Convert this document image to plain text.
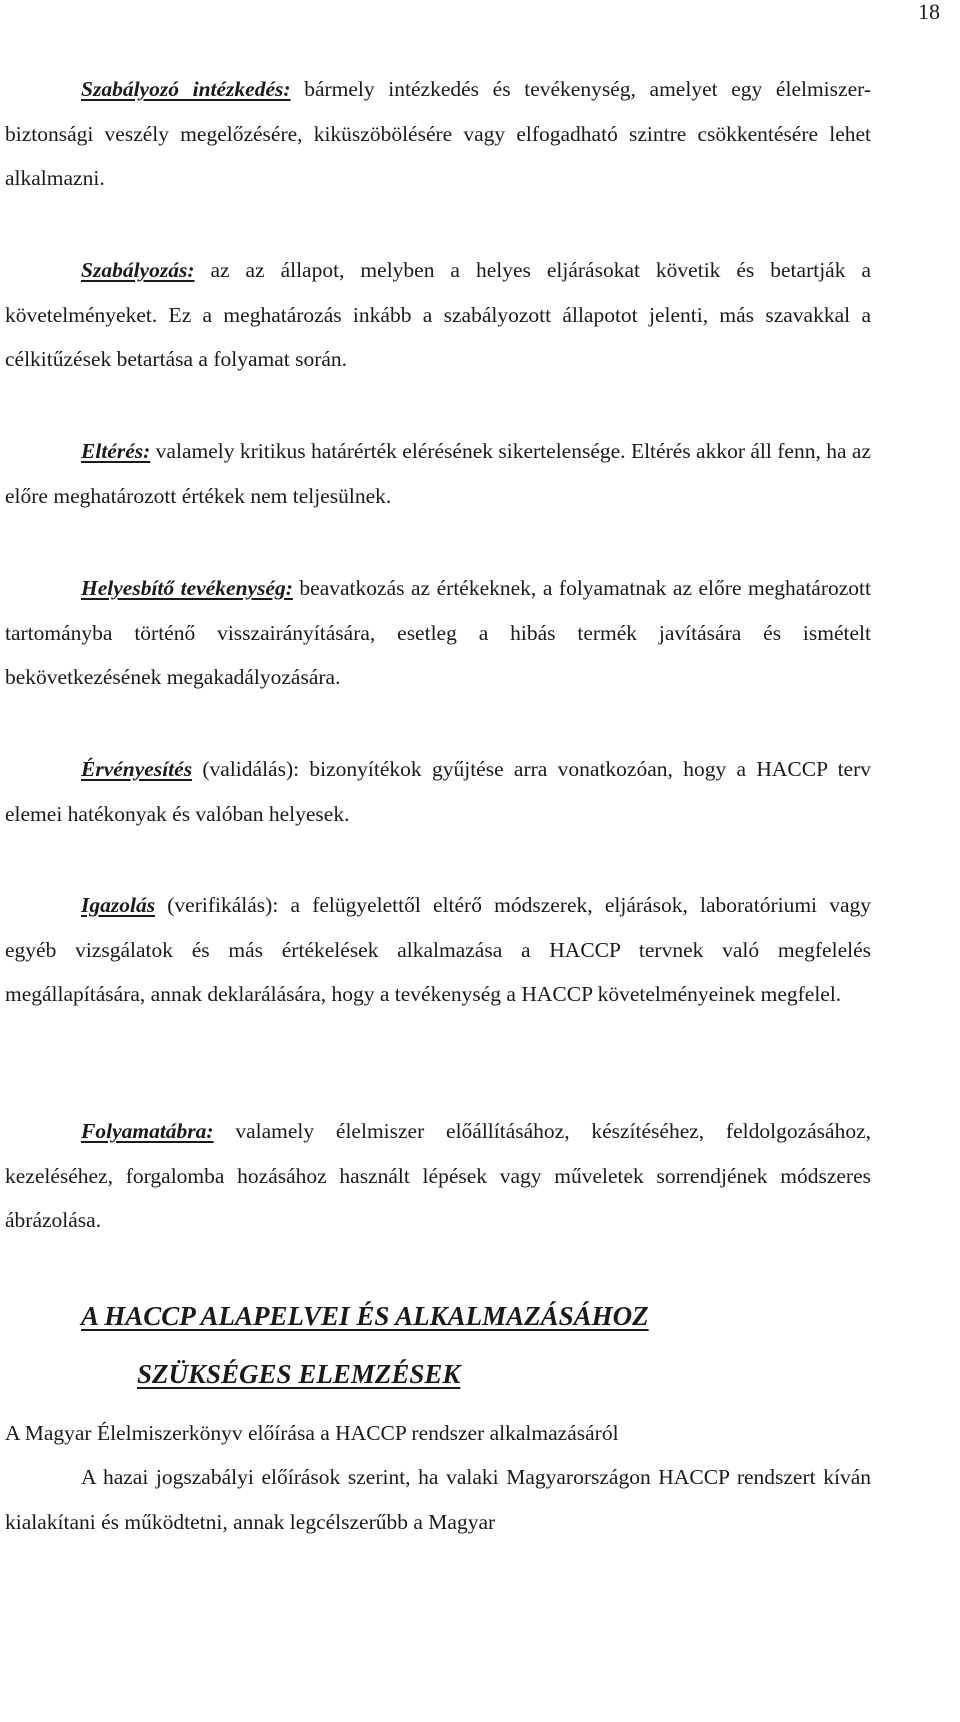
18

Szabályozó intézkedés: bármely intézkedés és tevékenység, amelyet egy élelmiszer-biztonsági veszély megelőzésére, kiküszöbölésére vagy elfogadható szintre csökkentésére lehet alkalmazni.

Szabályozás: az az állapot, melyben a helyes eljárásokat követik és betartják a követelményeket. Ez a meghatározás inkább a szabályozott állapotot jelenti, más szavakkal a célkitűzések betartása a folyamat során.

Eltérés: valamely kritikus határérték elérésének sikertelensége. Eltérés akkor áll fenn, ha az előre meghatározott értékek nem teljesülnek.

Helyesbítő tevékenység: beavatkozás az értékeknek, a folyamatnak az előre meghatározott tartományba történő visszairányítására, esetleg a hibás termék javítására és ismételt bekövetkezésének megakadályozására.

Érvényesítés (validálás): bizonyítékok gyűjtése arra vonatkozóan, hogy a HACCP terv elemei hatékonyak és valóban helyesek.

Igazolás (verifikálás): a felügyelettől eltérő módszerek, eljárások, laboratóriumi vagy egyéb vizsgálatok és más értékelések alkalmazása a HACCP tervnek való megfelelés megállapítására, annak deklarálására, hogy a tevékenység a HACCP követelményeinek megfelel.

Folyamatábra: valamely élelmiszer előállításához, készítéséhez, feldolgozásához, kezeléséhez, forgalomba hozásához használt lépések vagy műveletek sorrendjének módszeres ábrázolása.

A HACCP ALAPELVEI ÉS ALKALMAZÁSÁHOZ
SZÜKSÉGES ELEMZÉSEK

A Magyar Élelmiszerkönyv előírása a HACCP rendszer alkalmazásáról

A hazai jogszabályi előírások szerint, ha valaki Magyarországon HACCP rendszert kíván kialakítani és működtetni, annak legcélszerűbb a Magyar
